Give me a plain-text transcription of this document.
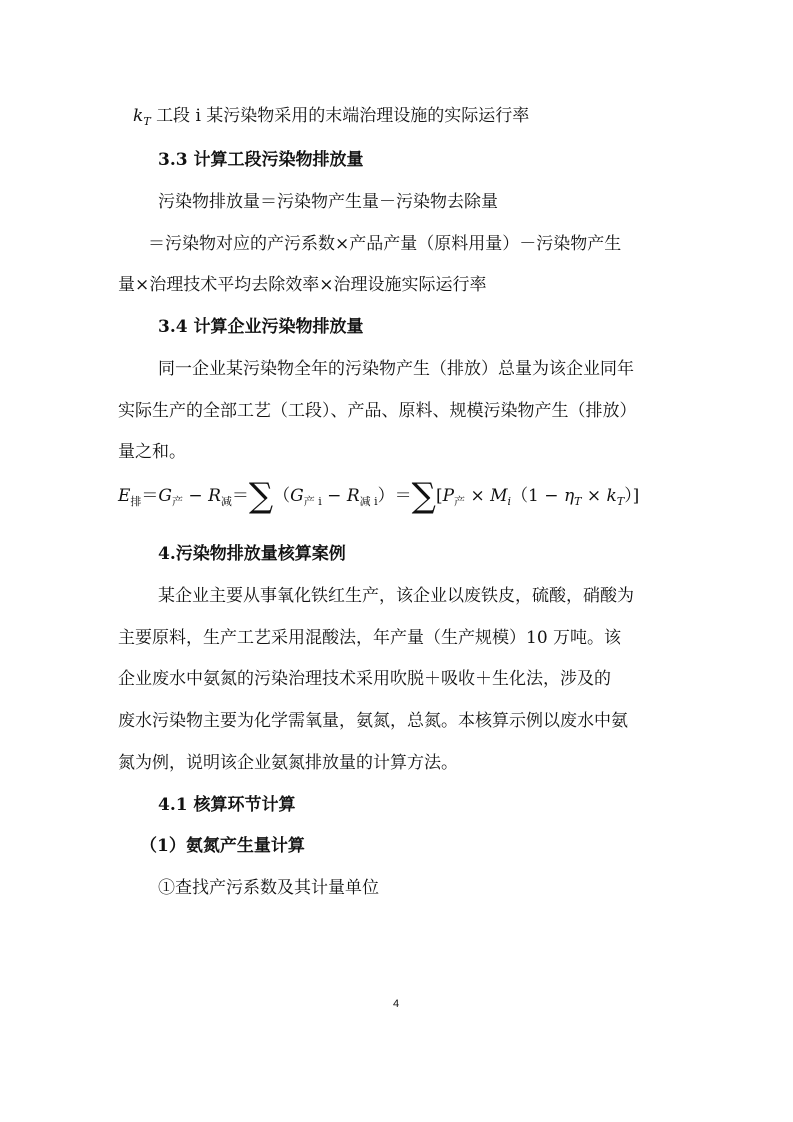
$k_T$ 工段 i 某污染物采用的末端治理设施的实际运行率
3.3 计算工段污染物排放量
污染物排放量＝污染物产生量－污染物去除量
＝污染物对应的产污系数×产品产量（原料用量）－污染物产生
量×治理技术平均去除效率×治理设施实际运行率
3.4 计算企业污染物排放量
同一企业某污染物全年的污染物产生（排放）总量为该企业同年
实际生产的全部工艺（工段）、产品、原料、规模污染物产生（排放）
量之和。
$E_排=G_产 - R_减=\sum(G_{产 i} - R_{减 i})=\sum[P_产 \times M_i(1 - \eta_T \times k_T)]$
4.污染物排放量核算案例
某企业主要从事氧化铁红生产，该企业以废铁皮，硫酸，硝酸为
主要原料，生产工艺采用混酸法，年产量（生产规模）10 万吨。该
企业废水中氨氮的污染治理技术采用吹脱＋吸收＋生化法，涉及的
废水污染物主要为化学需氧量，氨氮，总氮。本核算示例以废水中氨
氮为例，说明该企业氨氮排放量的计算方法。
4.1 核算环节计算
（1）氨氮产生量计算
①查找产污系数及其计量单位
4
